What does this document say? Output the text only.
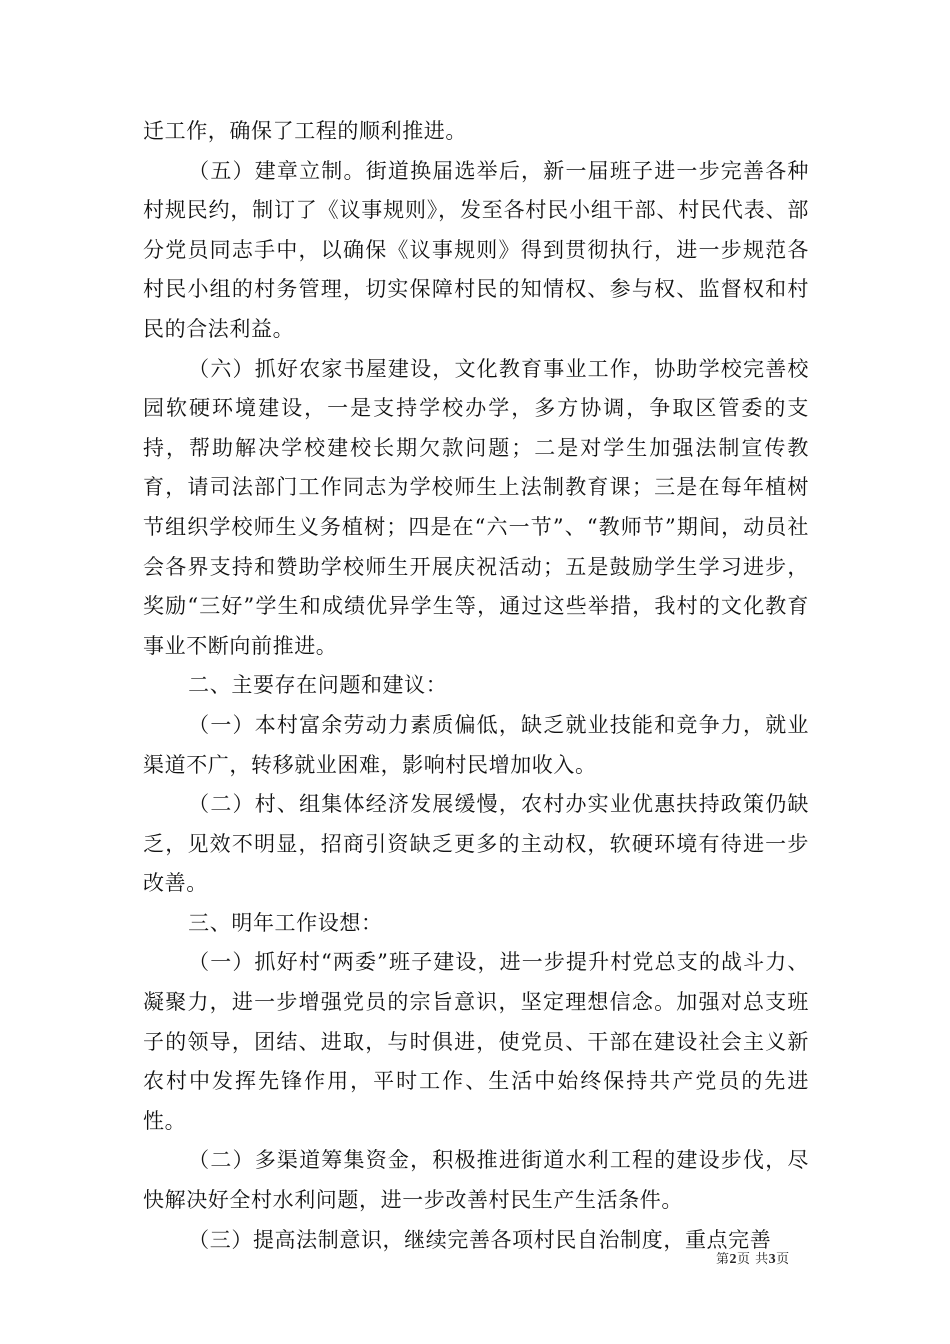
迁工作，确保了工程的顺利推进。

（五）建章立制。街道换届选举后，新一届班子进一步完善各种村规民约，制订了《议事规则》，发至各村民小组干部、村民代表、部分党员同志手中，以确保《议事规则》得到贯彻执行，进一步规范各村民小组的村务管理，切实保障村民的知情权、参与权、监督权和村民的合法利益。

（六）抓好农家书屋建设，文化教育事业工作，协助学校完善校园软硬环境建设，一是支持学校办学，多方协调，争取区管委的支持，帮助解决学校建校长期欠款问题；二是对学生加强法制宣传教育，请司法部门工作同志为学校师生上法制教育课；三是在每年植树节组织学校师生义务植树；四是在“六一节”、“教师节”期间，动员社会各界支持和赞助学校师生开展庆祝活动；五是鼓励学生学习进步，奖励“三好”学生和成绩优异学生等，通过这些举措，我村的文化教育事业不断向前推进。

二、主要存在问题和建议：

（一）本村富余劳动力素质偏低，缺乏就业技能和竞争力，就业渠道不广，转移就业困难，影响村民增加收入。

（二）村、组集体经济发展缓慢，农村办实业优惠扶持政策仍缺乏，见效不明显，招商引资缺乏更多的主动权，软硬环境有待进一步改善。

三、明年工作设想：

（一）抓好村“两委”班子建设，进一步提升村党总支的战斗力、凝聚力，进一步增强党员的宗旨意识，坚定理想信念。加强对总支班子的领导，团结、进取，与时俱进，使党员、干部在建设社会主义新农村中发挥先锋作用，平时工作、生活中始终保持共产党员的先进性。

（二）多渠道筹集资金，积极推进街道水利工程的建设步伐，尽快解决好全村水利问题，进一步改善村民生产生活条件。

（三）提高法制意识，继续完善各项村民自治制度，重点完善

第2页 共3页
